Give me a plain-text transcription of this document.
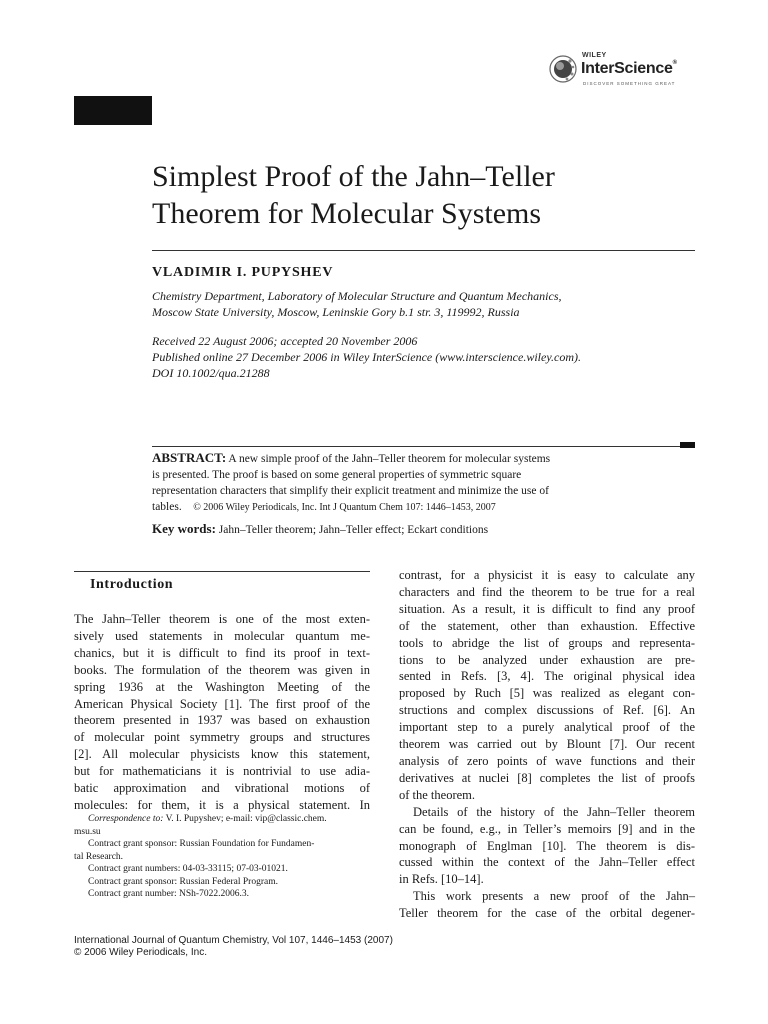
WILEY
InterScience®
DISCOVER SOMETHING GREAT
Simplest Proof of the Jahn–Teller
Theorem for Molecular Systems

VLADIMIR I. PUPYSHEV

Chemistry Department, Laboratory of Molecular Structure and Quantum Mechanics,
Moscow State University, Moscow, Leninskie Gory b.1 str. 3, 119992, Russia

Received 22 August 2006; accepted 20 November 2006
Published online 27 December 2006 in Wiley InterScience (www.interscience.wiley.com).
DOI 10.1002/qua.21288

ABSTRACT: A new simple proof of the Jahn–Teller theorem for molecular systems
is presented. The proof is based on some general properties of symmetric square
representation characters that simplify their explicit treatment and minimize the use of
tables. © 2006 Wiley Periodicals, Inc. Int J Quantum Chem 107: 1446–1453, 2007

Key words: Jahn–Teller theorem; Jahn–Teller effect; Eckart conditions

Introduction
The Jahn–Teller theorem is one of the most exten-
sively used statements in molecular quantum me-
chanics, but it is difficult to find its proof in text-
books. The formulation of the theorem was given in
spring 1936 at the Washington Meeting of the
American Physical Society [1]. The first proof of the
theorem presented in 1937 was based on exhaustion
of molecular point symmetry groups and structures
[2]. All molecular physicists know this statement,
but for mathematicians it is nontrivial to use adia-
batic approximation and vibrational motions of
molecules: for them, it is a physical statement. In
Correspondence to: V. I. Pupyshev; e-mail: vip@classic.chem.
msu.su
Contract grant sponsor: Russian Foundation for Fundamen-
tal Research.
Contract grant numbers: 04-03-33115; 07-03-01021.
Contract grant sponsor: Russian Federal Program.
Contract grant number: NSh-7022.2006.3.
contrast, for a physicist it is easy to calculate any
characters and find the theorem to be true for a real
situation. As a result, it is difficult to find any proof
of the statement, other than exhaustion. Effective
tools to abridge the list of groups and representa-
tions to be analyzed under exhaustion are pre-
sented in Refs. [3, 4]. The original physical idea
proposed by Ruch [5] was realized as elegant con-
structions and complex discussions of Ref. [6]. An
important step to a purely analytical proof of the
theorem was carried out by Blount [7]. Our recent
analysis of zero points of wave functions and their
derivatives at nuclei [8] completes the list of proofs
of the theorem.
Details of the history of the Jahn–Teller theorem
can be found, e.g., in Teller’s memoirs [9] and in the
monograph of Englman [10]. The theorem is dis-
cussed within the context of the Jahn–Teller effect
in Refs. [10–14].
This work presents a new proof of the Jahn–
Teller theorem for the case of the orbital degener-
International Journal of Quantum Chemistry, Vol 107, 1446–1453 (2007)
© 2006 Wiley Periodicals, Inc.
